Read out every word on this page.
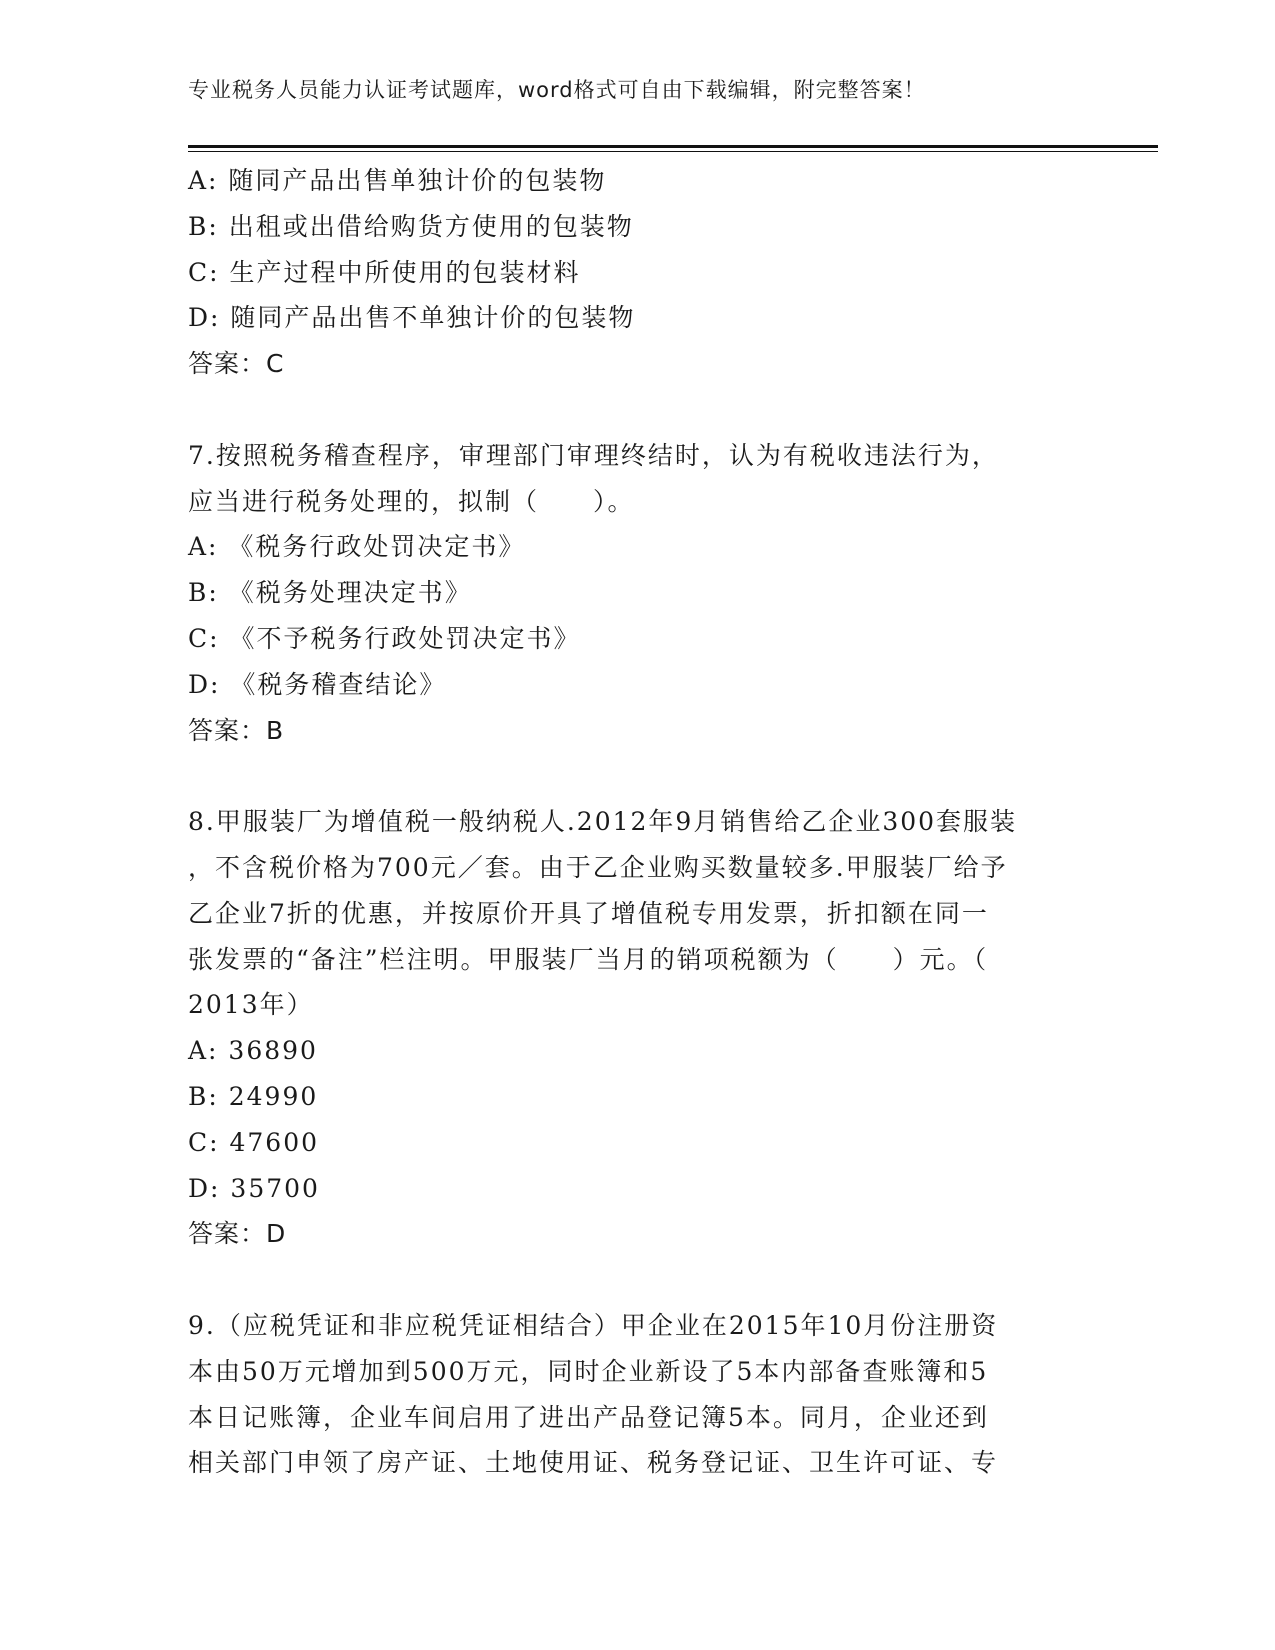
专业税务人员能力认证考试题库，word格式可自由下载编辑，附完整答案！
A: 随同产品出售单独计价的包装物
B: 出租或出借给购货方使用的包装物
C: 生产过程中所使用的包装材料
D: 随同产品出售不单独计价的包装物
答案：C
7.按照税务稽查程序，审理部门审理终结时，认为有税收违法行为，
应当进行税务处理的，拟制（　　）。
A: 《税务行政处罚决定书》
B: 《税务处理决定书》
C: 《不予税务行政处罚决定书》
D: 《税务稽查结论》
答案：B
8.甲服装厂为增值税一般纳税人.2012年9月销售给乙企业300套服装
，不含税价格为700元／套。由于乙企业购买数量较多.甲服装厂给予
乙企业7折的优惠，并按原价开具了增值税专用发票，折扣额在同一
张发票的“备注”栏注明。甲服装厂当月的销项税额为（　　）元。（
2013年）
A: 36890
B: 24990
C: 47600
D: 35700
答案：D
9.（应税凭证和非应税凭证相结合）甲企业在2015年10月份注册资
本由50万元增加到500万元，同时企业新设了5本内部备查账簿和5
本日记账簿，企业车间启用了进出产品登记簿5本。同月，企业还到
相关部门申领了房产证、土地使用证、税务登记证、卫生许可证、专
